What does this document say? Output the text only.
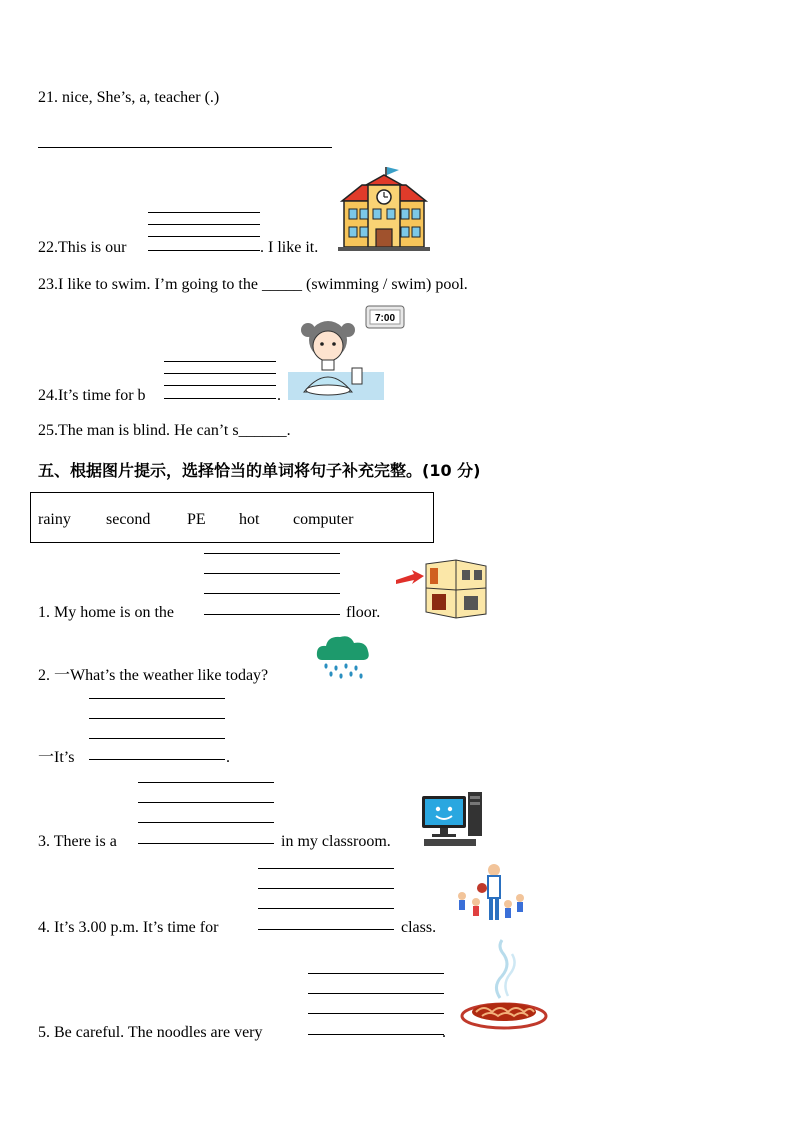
21. nice, She’s, a, teacher (.)
22.This is our	. I like it.
23.I like to swim. I’m going to the _____ (swimming / swim) pool.
24.It’s time for b	.
7:00
25.The man is blind. He can’t s______.
五、根据图片提示，选择恰当的单词将句子补充完整。(10 分)
rainy second PE hot computer
1. My home is on the	floor.
2. 一What’s the weather like today?
一It’s	.
3. There is a	in my classroom.
4. It’s 3.00 p.m. It’s time for	class.
5. Be careful. The noodles are very	.
